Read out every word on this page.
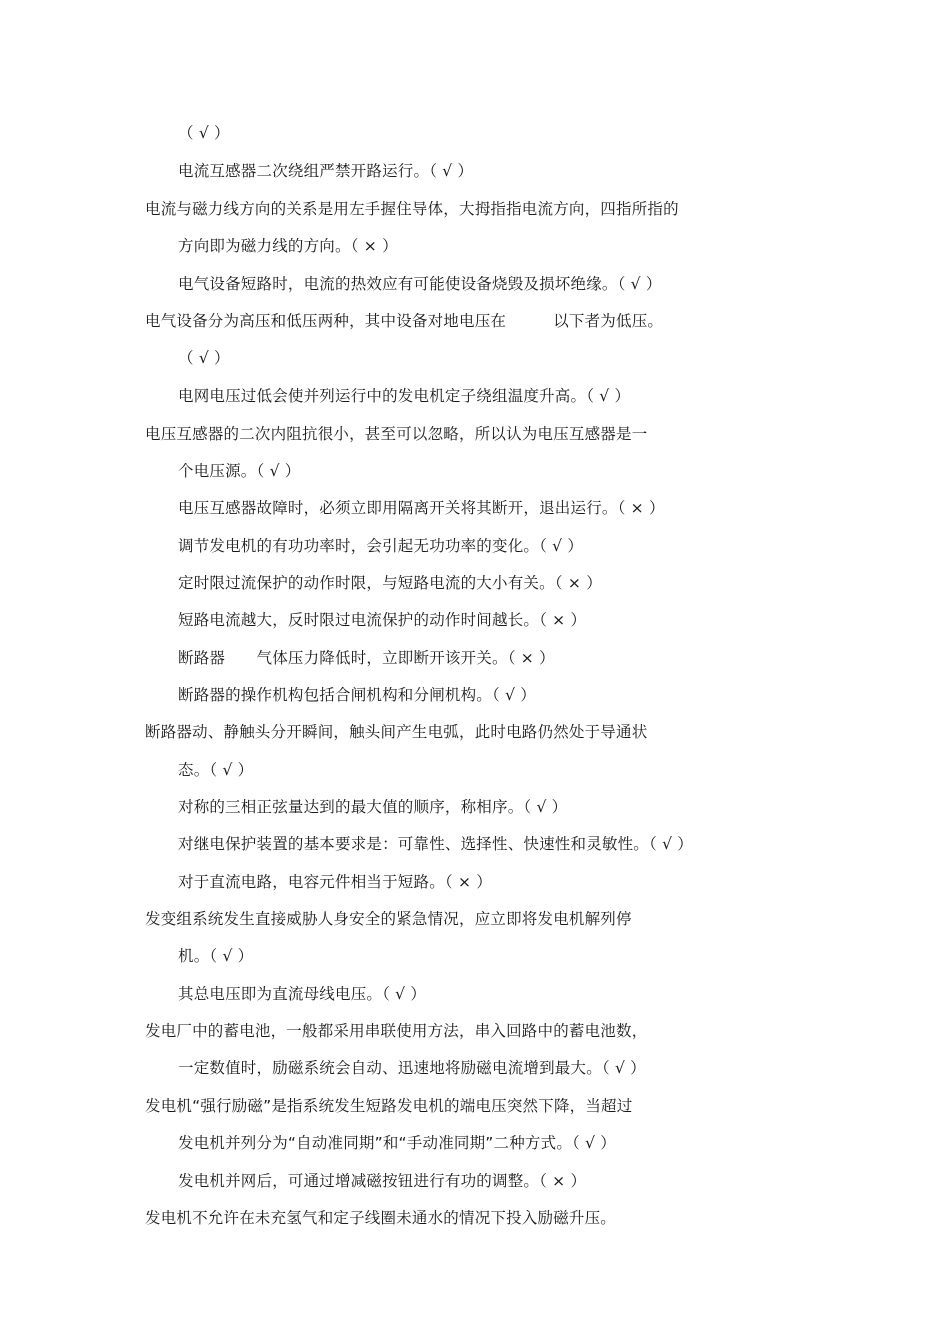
（ √ ）
电流互感器二次绕组严禁开路运行。（ √ ）
电流与磁力线方向的关系是用左手握住导体，大拇指指电流方向，四指所指的
方向即为磁力线的方向。（ × ）
电气设备短路时，电流的热效应有可能使设备烧毁及损坏绝缘。（ √ ）
电气设备分为高压和低压两种，其中设备对地电压在　　　以下者为低压。
（ √ ）
电网电压过低会使并列运行中的发电机定子绕组温度升高。（ √ ）
电压互感器的二次内阻抗很小，甚至可以忽略，所以认为电压互感器是一
个电压源。（ √ ）
电压互感器故障时，必须立即用隔离开关将其断开，退出运行。（ × ）
调节发电机的有功功率时，会引起无功功率的变化。（ √ ）
定时限过流保护的动作时限，与短路电流的大小有关。（ × ）
短路电流越大，反时限过电流保护的动作时间越长。（ × ）
断路器　　气体压力降低时，立即断开该开关。（ × ）
断路器的操作机构包括合闸机构和分闸机构。（ √ ）
断路器动、静触头分开瞬间，触头间产生电弧，此时电路仍然处于导通状
态。（ √ ）
对称的三相正弦量达到的最大值的顺序，称相序。（ √ ）
对继电保护装置的基本要求是：可靠性、选择性、快速性和灵敏性。（ √ ）
对于直流电路，电容元件相当于短路。（ × ）
发变组系统发生直接威胁人身安全的紧急情况，应立即将发电机解列停
机。（ √ ）
其总电压即为直流母线电压。（ √ ）
发电厂中的蓄电池，一般都采用串联使用方法，串入回路中的蓄电池数，
一定数值时，励磁系统会自动、迅速地将励磁电流增到最大。（ √ ）
发电机“强行励磁”是指系统发生短路发电机的端电压突然下降，当超过
发电机并列分为“自动准同期”和“手动准同期”二种方式。（ √ ）
发电机并网后，可通过增减磁按钮进行有功的调整。（ × ）
发电机不允许在未充氢气和定子线圈未通水的情况下投入励磁升压。
